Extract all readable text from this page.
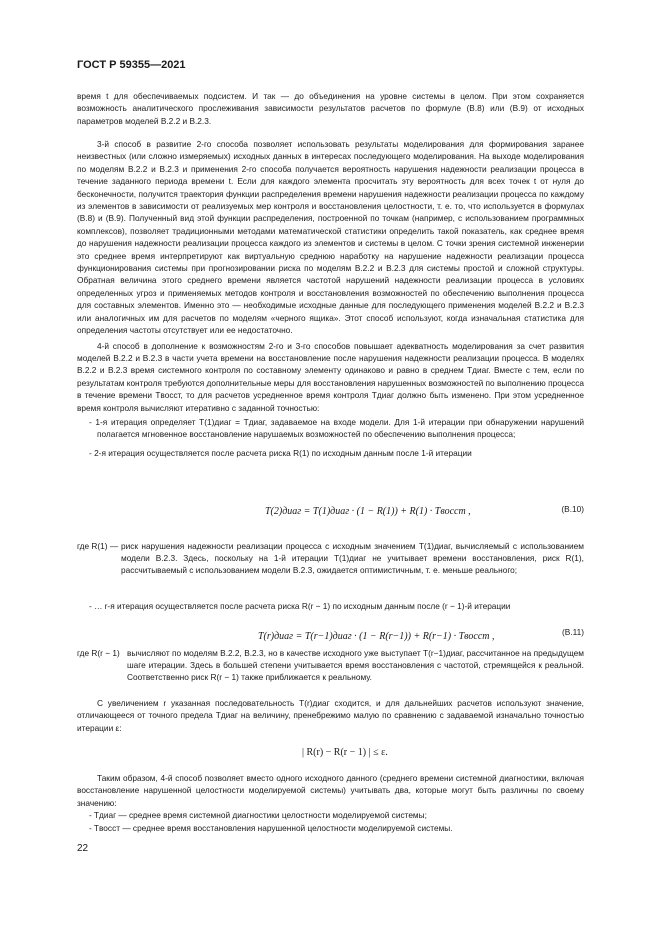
ГОСТ Р 59355—2021

время t для обеспечиваемых подсистем. И так — до объединения на уровне системы в целом. При этом сохраняется возможность аналитического прослеживания зависимости результатов расчетов по формуле (В.8) или (В.9) от исходных параметров моделей В.2.2 и В.2.3.

3-й способ в развитие 2-го способа позволяет использовать результаты моделирования для формирования заранее неизвестных (или сложно измеряемых) исходных данных в интересах последующего моделирования. На выходе моделирования по моделям В.2.2 и В.2.3 и применения 2-го способа получается вероятность нарушения надежности реализации процесса в течение заданного периода времени t. Если для каждого элемента просчитать эту вероятность для всех точек t от нуля до бесконечности, получится траектория функции распределения времени нарушения надежности реализации процесса по каждому из элементов в зависимости от реализуемых мер контроля и восстановления целостности, т. е. то, что используется в формулах (В.8) и (В.9). Полученный вид этой функции распределения, построенной по точкам (например, с использованием программных комплексов), позволяет традиционными методами математической статистики определить такой показатель, как среднее время до нарушения надежности реализации процесса каждого из элементов и системы в целом. С точки зрения системной инженерии это среднее время интерпретируют как виртуальную среднюю наработку на нарушение надежности реализации процесса функционирования системы при прогнозировании риска по моделям В.2.2 и В.2.3 для системы простой и сложной структуры. Обратная величина этого среднего времени является частотой нарушений надежности реализации процесса в условиях определенных угроз и применяемых методов контроля и восстановления возможностей по обеспечению выполнения процесса для составных элементов. Именно это — необходимые исходные данные для последующего применения моделей В.2.2 и В.2.3 или аналогичных им для расчетов по моделям «черного ящика». Этот способ используют, когда изначальная статистика для определения частоты отсутствует или ее недостаточно.

4-й способ в дополнение к возможностям 2-го и 3-го способов повышает адекватность моделирования за счет развития моделей В.2.2 и В.2.3 в части учета времени на восстановление после нарушения надежности реализации процесса. В моделях В.2.2 и В.2.3 время системного контроля по составному элементу одинаково и равно в среднем Tдиаг. Вместе с тем, если по результатам контроля требуются дополнительные меры для восстановления нарушенных возможностей по выполнению процесса в течение времени Tвосст, то для расчетов усредненное время контроля Tдиаг должно быть изменено. При этом усредненное время контроля вычисляют итеративно с заданной точностью:

- 1-я итерация определяет T(1)диаг = Tдиаг, задаваемое на входе модели. Для 1-й итерации при обнаружении нарушений полагается мгновенное восстановление нарушаемых возможностей по обеспечению выполнения процесса;

- 2-я итерация осуществляется после расчета риска R(1) по исходным данным после 1-й итерации

T(2)диаг = T(1)диаг · (1 − R(1)) + R(1) · Tвосст ,	(В.10)
где R(1) — риск нарушения надежности реализации процесса с исходным значением T(1)диаг, вычисляемый с использованием модели В.2.3. Здесь, поскольку на 1-й итерации T(1)диаг не учитывает времени восстановления, риск R(1), рассчитываемый с использованием модели В.2.3, ожидается оптимистичным, т. е. меньше реального;

- … r-я итерация осуществляется после расчета риска R(r − 1) по исходным данным после (r − 1)-й итерации

T(r)диаг = T(r−1)диаг · (1 − R(r−1)) + R(r−1) · Tвосст ,	(В.11)
где R(r − 1) вычисляют по моделям В.2.2, В.2.3, но в качестве исходного уже выступает T(r−1)диаг, рассчитанное на предыдущем шаге итерации. Здесь в большей степени учитывается время восстановления с частотой, стремящейся к реальной. Соответственно риск R(r − 1) также приближается к реальному.

С увеличением r указанная последовательность T(r)диаг сходится, и для дальнейших расчетов используют значение, отличающееся от точного предела Tдиаг на величину, пренебрежимо малую по сравнению с задаваемой изначально точностью итерации ε:

| R(r) − R(r − 1) | ≤ ε.

Таким образом, 4-й способ позволяет вместо одного исходного данного (среднего времени системной диагностики, включая восстановление нарушенной целостности моделируемой системы) учитывать два, которые могут быть различны по своему значению:

- Tдиаг — среднее время системной диагностики целостности моделируемой системы;

- Tвосст — среднее время восстановления нарушенной целостности моделируемой системы.

22
